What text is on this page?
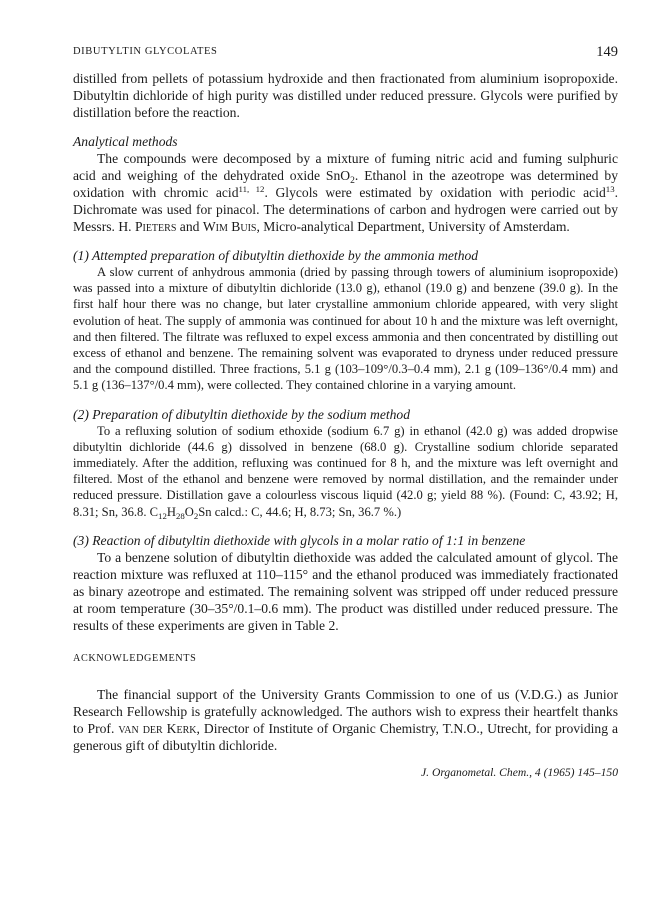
DIBUTYLTIN GLYCOLATES	149

distilled from pellets of potassium hydroxide and then fractionated from aluminium isopropoxide. Dibutyltin dichloride of high purity was distilled under reduced pressure. Glycols were purified by distillation before the reaction.

Analytical methods

The compounds were decomposed by a mixture of fuming nitric acid and fuming sulphuric acid and weighing of the dehydrated oxide SnO$_2$. Ethanol in the azeotrope was determined by oxidation with chromic acid$^{11, 12}$. Glycols were estimated by oxidation with periodic acid$^{13}$. Dichromate was used for pinacol. The determinations of carbon and hydrogen were carried out by Messrs. H. Pieters and Wim Buis, Micro-analytical Department, University of Amsterdam.

(1) Attempted preparation of dibutyltin diethoxide by the ammonia method

A slow current of anhydrous ammonia (dried by passing through towers of aluminium isopropoxide) was passed into a mixture of dibutyltin dichloride (13.0 g), ethanol (19.0 g) and benzene (39.0 g). In the first half hour there was no change, but later crystalline ammonium chloride appeared, with very slight evolution of heat. The supply of ammonia was continued for about 10 h and the mixture was left overnight, and then filtered. The filtrate was refluxed to expel excess ammonia and then concentrated by distilling out excess of ethanol and benzene. The remaining solvent was evaporated to dryness under reduced pressure and the compound distilled. Three fractions, 5.1 g (103–109°/0.3–0.4 mm), 2.1 g (109–136°/0.4 mm) and 5.1 g (136–137°/0.4 mm), were collected. They contained chlorine in a varying amount.

(2) Preparation of dibutyltin diethoxide by the sodium method

To a refluxing solution of sodium ethoxide (sodium 6.7 g) in ethanol (42.0 g) was added dropwise dibutyltin dichloride (44.6 g) dissolved in benzene (68.0 g). Crystalline sodium chloride separated immediately. After the addition, refluxing was continued for 8 h, and the mixture was left overnight and filtered. Most of the ethanol and benzene were removed by normal distillation, and the remainder under reduced pressure. Distillation gave a colourless viscous liquid (42.0 g; yield 88 %). (Found: C, 43.92; H, 8.31; Sn, 36.8. $C_{12}H_{28}O_2Sn$ calcd.: C, 44.6; H, 8.73; Sn, 36.7 %.)

(3) Reaction of dibutyltin diethoxide with glycols in a molar ratio of 1:1 in benzene

To a benzene solution of dibutyltin diethoxide was added the calculated amount of glycol. The reaction mixture was refluxed at 110–115° and the ethanol produced was immediately fractionated as binary azeotrope and estimated. The remaining solvent was stripped off under reduced pressure at room temperature (30–35°/0.1–0.6 mm). The product was distilled under reduced pressure. The results of these experiments are given in Table 2.

ACKNOWLEDGEMENTS

The financial support of the University Grants Commission to one of us (V.D.G.) as Junior Research Fellowship is gratefully acknowledged. The authors wish to express their heartfelt thanks to Prof. van der Kerk, Director of Institute of Organic Chemistry, T.N.O., Utrecht, for providing a generous gift of dibutyltin dichloride.

J. Organometal. Chem., 4 (1965) 145–150
